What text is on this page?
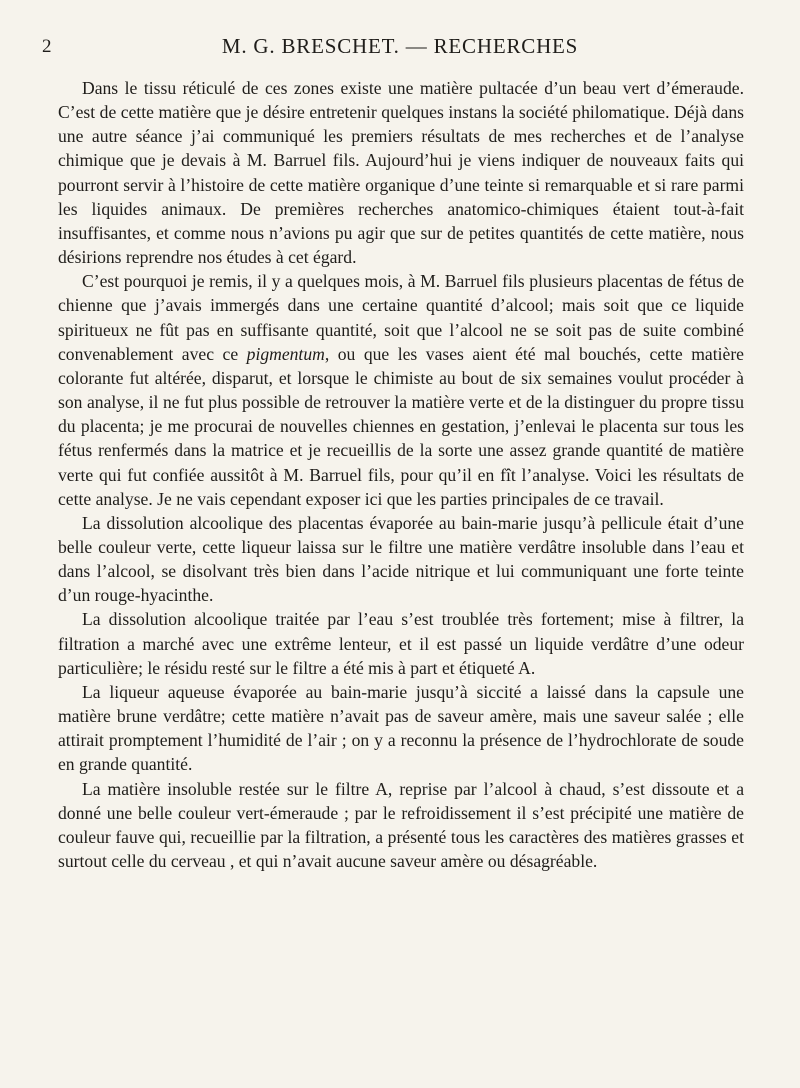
2	M. G. BRESCHET. — RECHERCHES

Dans le tissu réticulé de ces zones existe une matière pultacée d’un beau vert d’émeraude. C’est de cette matière que je désire entretenir quelques instans la société philomatique. Déjà dans une autre séance j’ai communiqué les premiers résultats de mes recherches et de l’analyse chimique que je devais à M. Barruel fils. Aujourd’hui je viens indiquer de nouveaux faits qui pourront servir à l’histoire de cette matière organique d’une teinte si remarquable et si rare parmi les liquides animaux. De premières recherches anatomico-chimiques étaient tout-à-fait insuffisantes, et comme nous n’avions pu agir que sur de petites quantités de cette matière, nous désirions reprendre nos études à cet égard.

C’est pourquoi je remis, il y a quelques mois, à M. Barruel fils plusieurs placentas de fétus de chienne que j’avais immergés dans une certaine quantité d’alcool; mais soit que ce liquide spiritueux ne fût pas en suffisante quantité, soit que l’alcool ne se soit pas de suite combiné convenablement avec ce pigmentum, ou que les vases aient été mal bouchés, cette matière colorante fut altérée, disparut, et lorsque le chimiste au bout de six semaines voulut procéder à son analyse, il ne fut plus possible de retrouver la matière verte et de la distinguer du propre tissu du placenta; je me procurai de nouvelles chiennes en gestation, j’enlevai le placenta sur tous les fétus renfermés dans la matrice et je recueillis de la sorte une assez grande quantité de matière verte qui fut confiée aussitôt à M. Barruel fils, pour qu’il en fît l’analyse. Voici les résultats de cette analyse. Je ne vais cependant exposer ici que les parties principales de ce travail.

La dissolution alcoolique des placentas évaporée au bain-marie jusqu’à pellicule était d’une belle couleur verte, cette liqueur laissa sur le filtre une matière verdâtre insoluble dans l’eau et dans l’alcool, se disolvant très bien dans l’acide nitrique et lui communiquant une forte teinte d’un rouge-hyacinthe.

La dissolution alcoolique traitée par l’eau s’est troublée très fortement; mise à filtrer, la filtration a marché avec une extrême lenteur, et il est passé un liquide verdâtre d’une odeur particulière; le résidu resté sur le filtre a été mis à part et étiqueté A.

La liqueur aqueuse évaporée au bain-marie jusqu’à siccité a laissé dans la capsule une matière brune verdâtre; cette matière n’avait pas de saveur amère, mais une saveur salée ; elle attirait promptement l’humidité de l’air ; on y a reconnu la présence de l’hydrochlorate de soude en grande quantité.

La matière insoluble restée sur le filtre A, reprise par l’alcool à chaud, s’est dissoute et a donné une belle couleur vert-émeraude ; par le refroidissement il s’est précipité une matière de couleur fauve qui, recueillie par la filtration, a présenté tous les caractères des matières grasses et surtout celle du cerveau , et qui n’avait aucune saveur amère ou désagréable.
